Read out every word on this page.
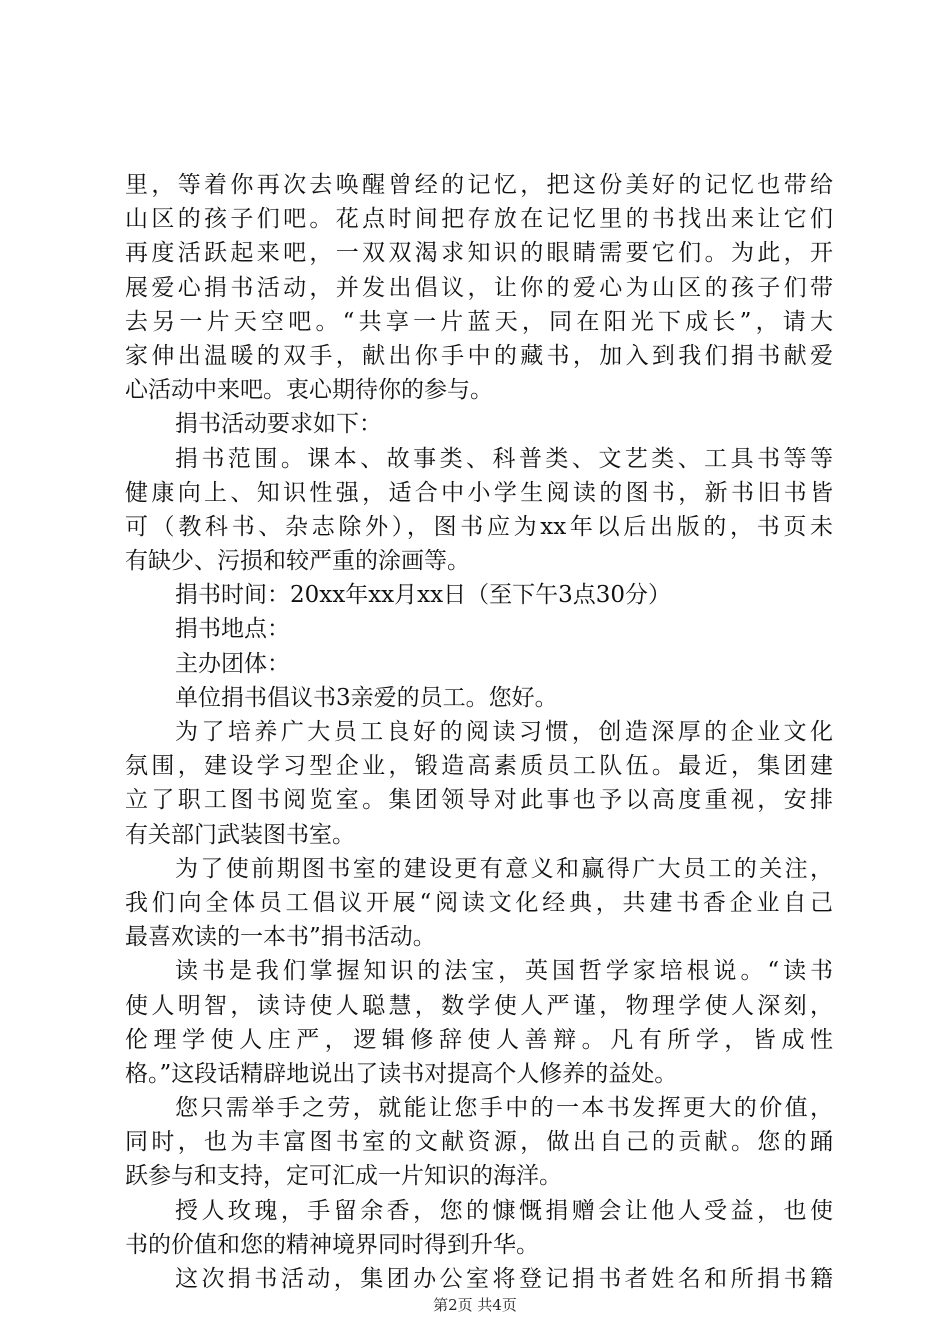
里，等着你再次去唤醒曾经的记忆，把这份美好的记忆也带给
山区的孩子们吧。花点时间把存放在记忆里的书找出来让它们
再度活跃起来吧，一双双渴求知识的眼睛需要它们。为此，开
展爱心捐书活动，并发出倡议，让你的爱心为山区的孩子们带
去另一片天空吧。“共享一片蓝天，同在阳光下成长”，请大
家伸出温暖的双手，献出你手中的藏书，加入到我们捐书献爱
心活动中来吧。衷心期待你的参与。
捐书活动要求如下：
捐书范围。课本、故事类、科普类、文艺类、工具书等等
健康向上、知识性强，适合中小学生阅读的图书，新书旧书皆
可（教科书、杂志除外），图书应为xx年以后出版的，书页未
有缺少、污损和较严重的涂画等。
捐书时间：20xx年xx月xx日（至下午3点30分）
捐书地点：
主办团体：
单位捐书倡议书3亲爱的员工。您好。
为了培养广大员工良好的阅读习惯，创造深厚的企业文化
氛围，建设学习型企业，锻造高素质员工队伍。最近，集团建
立了职工图书阅览室。集团领导对此事也予以高度重视，安排
有关部门武装图书室。
为了使前期图书室的建设更有意义和赢得广大员工的关注，
我们向全体员工倡议开展“阅读文化经典，共建书香企业自己
最喜欢读的一本书”捐书活动。
读书是我们掌握知识的法宝，英国哲学家培根说。“读书
使人明智，读诗使人聪慧，数学使人严谨，物理学使人深刻，
伦理学使人庄严，逻辑修辞使人善辩。凡有所学，皆成性
格。”这段话精辟地说出了读书对提高个人修养的益处。
您只需举手之劳，就能让您手中的一本书发挥更大的价值，
同时，也为丰富图书室的文献资源，做出自己的贡献。您的踊
跃参与和支持，定可汇成一片知识的海洋。
授人玫瑰，手留余香，您的慷慨捐赠会让他人受益，也使
书的价值和您的精神境界同时得到升华。
这次捐书活动，集团办公室将登记捐书者姓名和所捐书籍
第2页 共4页
